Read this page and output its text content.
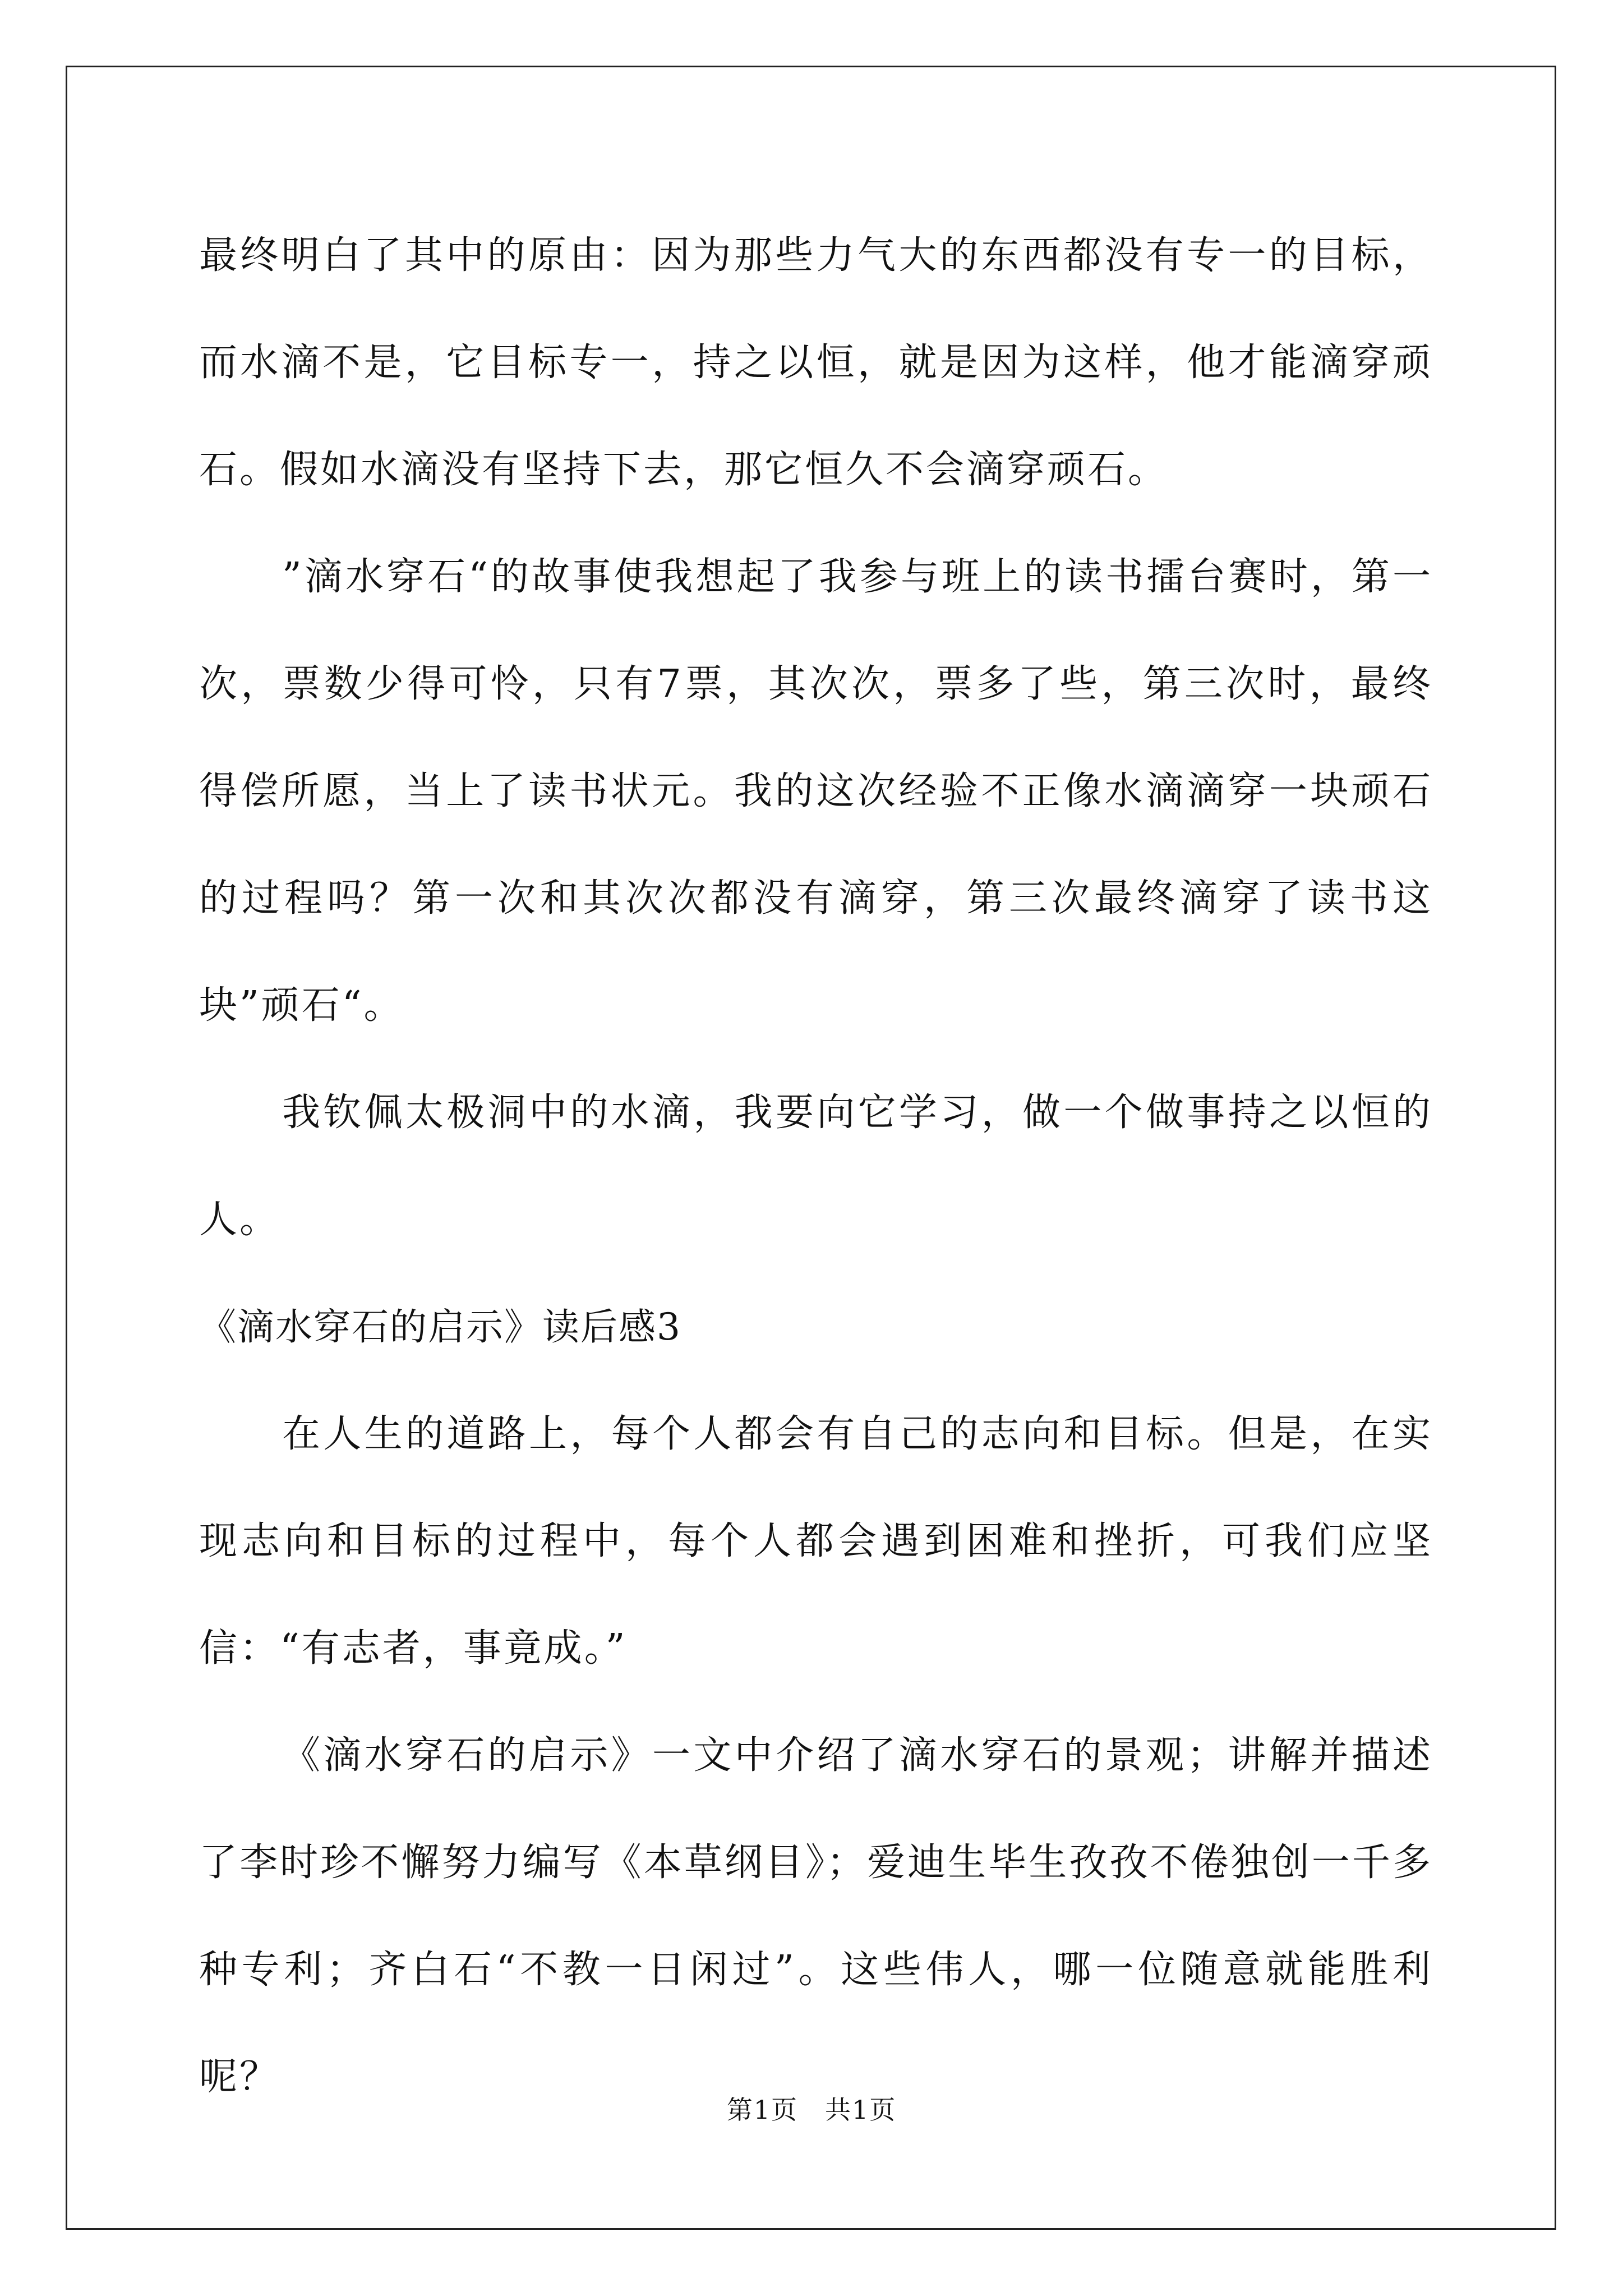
最终明白了其中的原由：因为那些力气大的东西都没有专一的目标，而水滴不是，它目标专一，持之以恒，就是因为这样，他才能滴穿顽石。假如水滴没有坚持下去，那它恒久不会滴穿顽石。

”滴水穿石“的故事使我想起了我参与班上的读书擂台赛时，第一次，票数少得可怜，只有7票，其次次，票多了些，第三次时，最终得偿所愿，当上了读书状元。我的这次经验不正像水滴滴穿一块顽石的过程吗？第一次和其次次都没有滴穿，第三次最终滴穿了读书这块”顽石“。

我钦佩太极洞中的水滴，我要向它学习，做一个做事持之以恒的人。

《滴水穿石的启示》读后感3

在人生的道路上，每个人都会有自己的志向和目标。但是，在实现志向和目标的过程中，每个人都会遇到困难和挫折，可我们应坚信：“有志者，事竟成。”

《滴水穿石的启示》一文中介绍了滴水穿石的景观；讲解并描述了李时珍不懈努力编写《本草纲目》；爱迪生毕生孜孜不倦独创一千多种专利；齐白石“不教一日闲过”。这些伟人，哪一位随意就能胜利呢？

第1页　共1页
